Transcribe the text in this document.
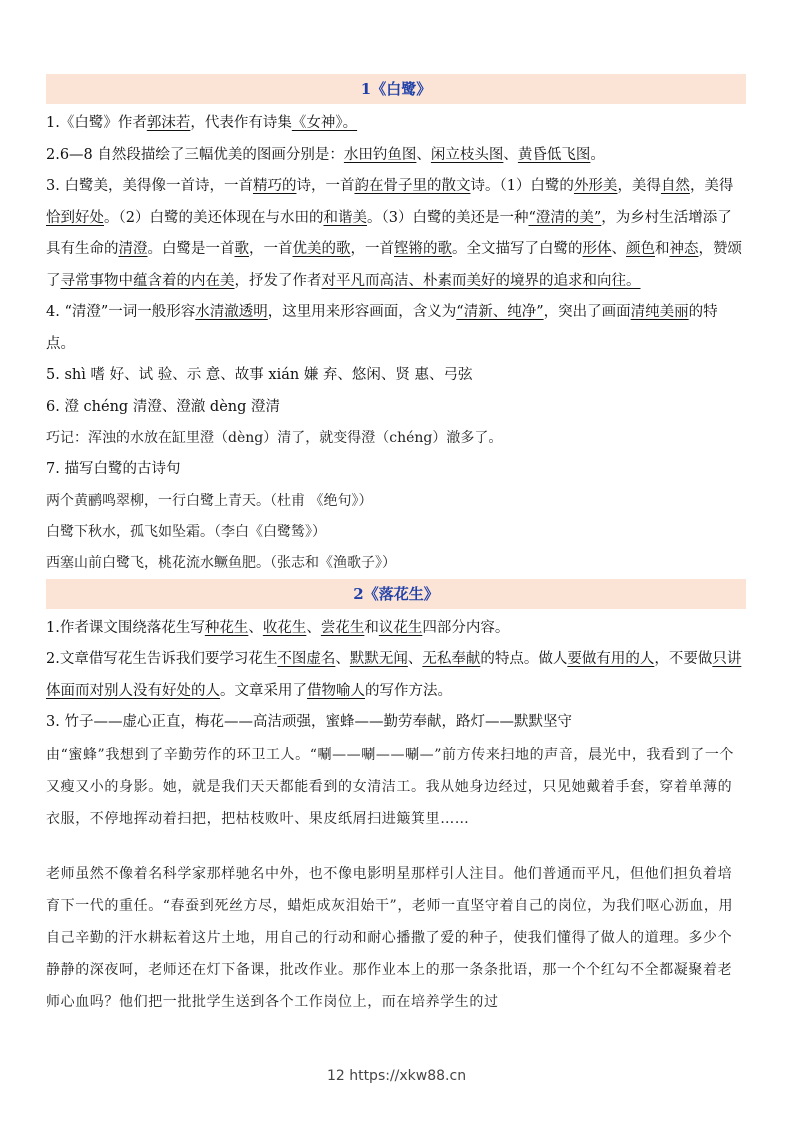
1《白鹭》
1.《白鹭》作者郭沫若，代表作有诗集《女神》。
2.6—8 自然段描绘了三幅优美的图画分别是：水田钓鱼图、闲立枝头图、黄昏低飞图。
3. 白鹭美，美得像一首诗，一首精巧的诗，一首韵在骨子里的散文诗。（1）白鹭的外形美，美得自然，美得恰到好处。（2）白鹭的美还体现在与水田的和谐美。（3）白鹭的美还是一种“澄清的美”，为乡村生活增添了具有生命的清澄。白鹭是一首歌，一首优美的歌，一首铿锵的歌。全文描写了白鹭的形体、颜色和神态，赞颂了寻常事物中蕴含着的内在美，抒发了作者对平凡而高洁、朴素而美好的境界的追求和向往。
4. “清澄”一词一般形容水清澈透明，这里用来形容画面，含义为“清新、纯净”，突出了画面清纯美丽的特点。
5. shì 嗜 好、试 验、示 意、故事 xián 嫌 弃、悠闲、贤 惠、弓弦
6. 澄 chéng 清澄、澄澈 dèng 澄清
巧记：浑浊的水放在缸里澄（dèng）清了，就变得澄（chéng）澈多了。
7. 描写白鹭的古诗句
两个黄鹂鸣翠柳，一行白鹭上青天。（杜甫 《绝句》）
白鹭下秋水，孤飞如坠霜。（李白《白鹭鸶》）
西塞山前白鹭飞，桃花流水鳜鱼肥。（张志和《渔歌子》）
2《落花生》
1.作者课文围绕落花生写种花生、收花生、尝花生和议花生四部分内容。
2.文章借写花生告诉我们要学习花生不图虚名、默默无闻、无私奉献的特点。做人要做有用的人，不要做只讲体面而对别人没有好处的人。文章采用了借物喻人的写作方法。
3. 竹子——虚心正直，梅花——高洁顽强，蜜蜂——勤劳奉献，路灯——默默坚守
由“蜜蜂”我想到了辛勤劳作的环卫工人。“唰——唰——唰—”前方传来扫地的声音，晨光中，我看到了一个又瘦又小的身影。她，就是我们天天都能看到的女清洁工。我从她身边经过，只见她戴着手套，穿着单薄的衣服，不停地挥动着扫把，把枯枝败叶、果皮纸屑扫进簸箕里……
老师虽然不像着名科学家那样驰名中外，也不像电影明星那样引人注目。他们普通而平凡，但他们担负着培育下一代的重任。“春蚕到死丝方尽，蜡炬成灰泪始干”，老师一直坚守着自己的岗位，为我们呕心沥血，用自己辛勤的汗水耕耘着这片土地，用自己的行动和耐心播撒了爱的种子，使我们懂得了做人的道理。多少个静静的深夜呵，老师还在灯下备课，批改作业。那作业本上的那一条条批语，那一个个红勾不全都凝聚着老师心血吗？他们把一批批学生送到各个工作岗位上，而在培养学生的过
12 https://xkw88.cn
